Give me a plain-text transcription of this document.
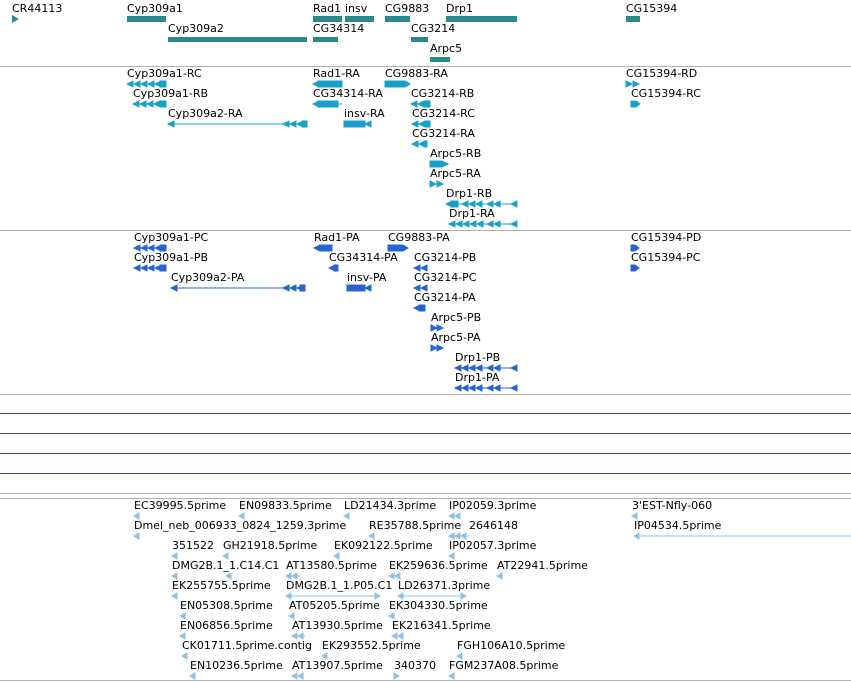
CR44113	Cyp309a1
Cyp309a2
Rad1 insv
CG34314
CG9883
CG3214
Arpc5
Drp1	CG15394
Cyp309a1-RC
Cyp309a1-RB
Cyp309a2-RA
Rad1-RA CG9883-RA
CG34314-RA
insv-RA
CG3214-RB
CG3214-RC
CG3214-RA
Arpc5-RB
Arpc5-RA
Drp1-RB
Drp1-RA
CG15394-RD
CG15394-RC
Cyp309a1-PC
Cyp309a1-PB
Cyp309a2-PA
Rad1-PA	CG9883-PA
CG34314-PA
insv-PA
CG3214-PB
CG3214-PC
CG3214-PA
Arpc5-PB
Arpc5-PA
Drp1-PB
Drp1-PA
CG15394-PD
CG15394-PC
EC39995.5prime EN09833.5prime LD21434.3prime IP02059.3prime	3'EST-Nfly-060
Dmel_neb_006933_0824_1259.3prime RE35788.5prime 2646148	IP04534.5prime
351522 GH21918.5prime EK092122.5prime IP02057.3prime
DMG2B.1_1.C14.C1 AT13580.5prime EK259636.5prime AT22941.5prime
EK255755.5prime DMG2B.1_1.P05.C1 LD26371.3prime
EN05308.5prime AT05205.5prime EK304330.5prime
EN06856.5prime AT13930.5prime EK216341.5prime
CK01711.5prime.contig EK293552.5prime	FGH106A10.5prime
EN10236.5prime AT13907.5prime 340370 FGM237A08.5prime
